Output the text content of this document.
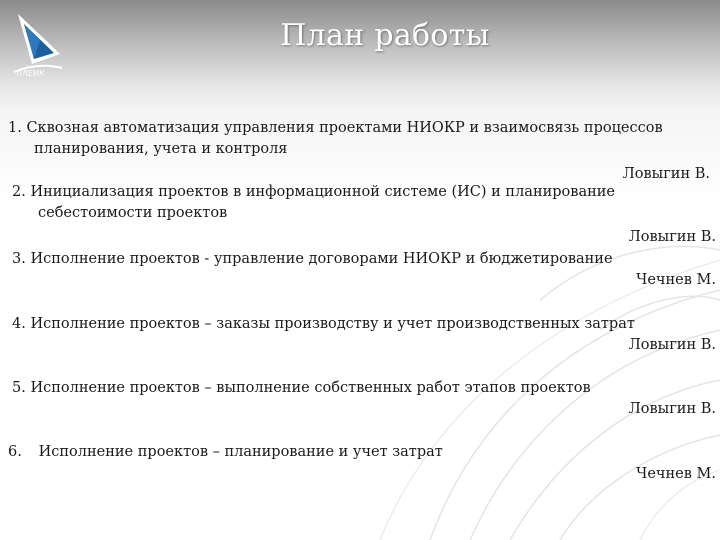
ЛЛЕИК
План работы
1. Сквозная автоматизация управления проектами НИОКР и взаимосвязь процессов
планирования, учета и контроля
Ловыгин В.
2. Инициализация проектов в информационной системе (ИС) и планирование
себестоимости проектов
Ловыгин В.
3. Исполнение проектов - управление договорами НИОКР и бюджетирование
Чечнев М.
4. Исполнение проектов – заказы производству и учет производственных затрат
Ловыгин В.
5. Исполнение проектов – выполнение собственных работ этапов проектов
Ловыгин В.
6. Исполнение проектов – планирование и учет затрат
Чечнев М.
